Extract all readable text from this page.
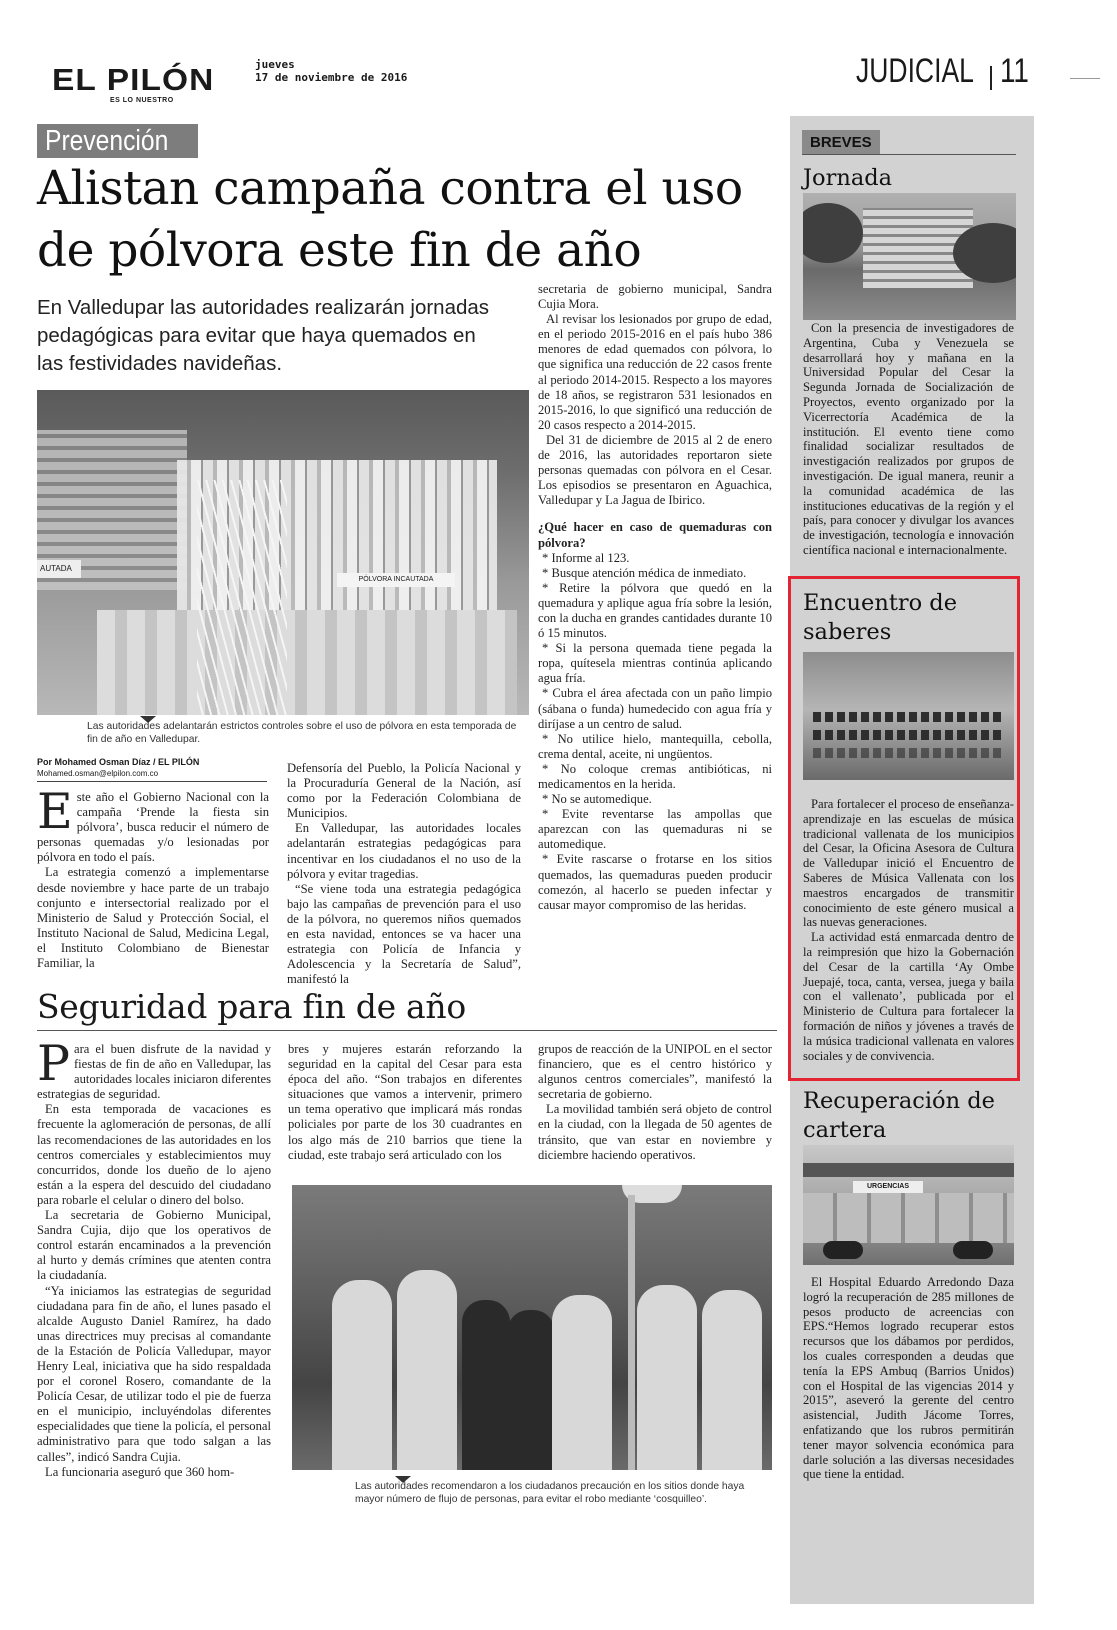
EL PILÓN
ES LO NUESTRO
jueves
17 de noviembre de 2016	JUDICIAL 11
Prevención
Alistan campaña contra el uso de pólvora este fin de año
En Valledupar las autoridades realizarán jornadas pedagógicas para evitar que haya quemados en las festividades navideñas.
AUTADA
PÓLVORA INCAUTADA
Las autoridades adelantarán estrictos controles sobre el uso de pólvora en esta temporada de fin de año en Valledupar.
Por Mohamed Osman Díaz / EL PILÓN
Mohamed.osman@elpilon.com.co

Este año el Gobierno Nacional con la campaña ‘Prende la fiesta sin pólvora’, busca reducir el número de personas quemadas y/o lesionadas por pólvora en todo el país.

La estrategia comenzó a implementarse desde noviembre y hace parte de un trabajo conjunto e intersectorial realizado por el Ministerio de Salud y Protección Social, el Instituto Nacional de Salud, Medicina Legal, el Instituto Colombiano de Bienestar Familiar, la

Defensoría del Pueblo, la Policía Nacional y la Procuraduría General de la Nación, así como por la Federación Colombiana de Municipios.

En Valledupar, las autoridades locales adelantarán estrategias pedagógicas para incentivar en los ciudadanos el no uso de la pólvora y evitar tragedias.

“Se viene toda una estrategia pedagógica bajo las campañas de prevención para el uso de la pólvora, no queremos niños quemados en esta navidad, entonces se va hacer una estrategia con Policía de Infancia y Adolescencia y la Secretaría de Salud”, manifestó la

secretaria de gobierno municipal, Sandra Cujia Mora.

Al revisar los lesionados por grupo de edad, en el periodo 2015-2016 en el país hubo 386 menores de edad quemados con pólvora, lo que significa una reducción de 22 casos frente al periodo 2014-2015. Respecto a los mayores de 18 años, se registraron 531 lesionados en 2015-2016, lo que significó una reducción de 20 casos respecto a 2014-2015.

Del 31 de diciembre de 2015 al 2 de enero de 2016, las autoridades reportaron siete personas quemadas con pólvora en el Cesar. Los episodios se presentaron en Aguachica, Valledupar y La Jagua de Ibirico.

¿Qué hacer en caso de quemaduras con pólvora?

* Informe al 123.

* Busque atención médica de inmediato.

* Retire la pólvora que quedó en la quemadura y aplique agua fría sobre la lesión, con la ducha en grandes cantidades durante 10 ó 15 minutos.

* Si la persona quemada tiene pegada la ropa, quítesela mientras continúa aplicando agua fría.

* Cubra el área afectada con un paño limpio (sábana o funda) humedecido con agua fría y diríjase a un centro de salud.

* No utilice hielo, mantequilla, cebolla, crema dental, aceite, ni ungüentos.

* No coloque cremas antibióticas, ni medicamentos en la herida.

* No se automedique.

* Evite reventarse las ampollas que aparezcan con las quemaduras ni se automedique.

* Evite rascarse o frotarse en los sitios quemados, las quemaduras pueden producir comezón, al hacerlo se pueden infectar y causar mayor compromiso de las heridas.

Seguridad para fin de año

Para el buen disfrute de la navidad y fiestas de fin de año en Valledupar, las autoridades locales iniciaron diferentes estrategias de seguridad.

En esta temporada de vacaciones es frecuente la aglomeración de personas, de allí las recomendaciones de las autoridades en los centros comerciales y establecimientos muy concurridos, donde los dueño de lo ajeno están a la espera del descuido del ciudadano para robarle el celular o dinero del bolso.

La secretaria de Gobierno Municipal, Sandra Cujia, dijo que los operativos de control estarán encaminados a la prevención al hurto y demás crímines que atenten contra la ciudadanía.

“Ya iniciamos las estrategias de seguridad ciudadana para fin de año, el lunes pasado el alcalde Augusto Daniel Ramírez, ha dado unas directrices muy precisas al comandante de la Estación de Policía Valledupar, mayor Henry Leal, iniciativa que ha sido respaldada por el coronel Rosero, comandante de la Policía Cesar, de utilizar todo el pie de fuerza en el municipio, incluyéndolas diferentes especialidades que tiene la policía, el personal administrativo para que todo salgan a las calles”, indicó Sandra Cujia.

La funcionaria aseguró que 360 hom-

bres y mujeres estarán reforzando la seguridad en la capital del Cesar para esta época del año. “Son trabajos en diferentes situaciones que vamos a intervenir, primero un tema operativo que implicará más rondas policiales por parte de los 30 cuadrantes en los algo más de 210 barrios que tiene la ciudad, este trabajo será articulado con los

grupos de reacción de la UNIPOL en el sector financiero, que es el centro histórico y algunos centros comerciales”, manifestó la secretaria de gobierno.

La movilidad también será objeto de control en la ciudad, con la llegada de 50 agentes de tránsito, que van estar en noviembre y diciembre haciendo operativos.

Las autoridades recomendaron a los ciudadanos precaución en los sitios donde haya mayor número de flujo de personas, para evitar el robo mediante ‘cosquilleo’.
BREVES
Jornada

Con la presencia de investigadores de Argentina, Cuba y Venezuela se desarrollará hoy y mañana en la Universidad Popular del Cesar la Segunda Jornada de Socialización de Proyectos, evento organizado por la Vicerrectoría Académica de la institución. El evento tiene como finalidad socializar resultados de investigación realizados por grupos de investigación. De igual manera, reunir a la comunidad académica de las instituciones educativas de la región y el país, para conocer y divulgar los avances de investigación, tecnología e innovación científica nacional e internacionalmente.

Encuentro de saberes

Para fortalecer el proceso de enseñanza- aprendizaje en las escuelas de música tradicional vallenata de los municipios del Cesar, la Oficina Asesora de Cultura de Valledupar inició el Encuentro de Saberes de Música Vallenata con los maestros encargados de transmitir conocimiento de este género musical a las nuevas generaciones.

La actividad está enmarcada dentro de la reimpresión que hizo la Gobernación del Cesar de la cartilla ‘Ay Ombe Juepajé, toca, canta, versea, juega y baila con el vallenato’, publicada por el Ministerio de Cultura para fortalecer la formación de niños y jóvenes a través de la música tradicional vallenata en valores sociales y de convivencia.

Recuperación de cartera
URGENCIAS

El Hospital Eduardo Arredondo Daza logró la recuperación de 285 millones de pesos producto de acreencias con EPS.“Hemos logrado recuperar estos recursos que los dábamos por perdidos, los cuales corresponden a deudas que tenía la EPS Ambuq (Barrios Unidos) con el Hospital de las vigencias 2014 y 2015”, aseveró la gerente del centro asistencial, Judith Jácome Torres, enfatizando que los rubros permitirán tener mayor solvencia económica para darle solución a las diversas necesidades que tiene la entidad.
